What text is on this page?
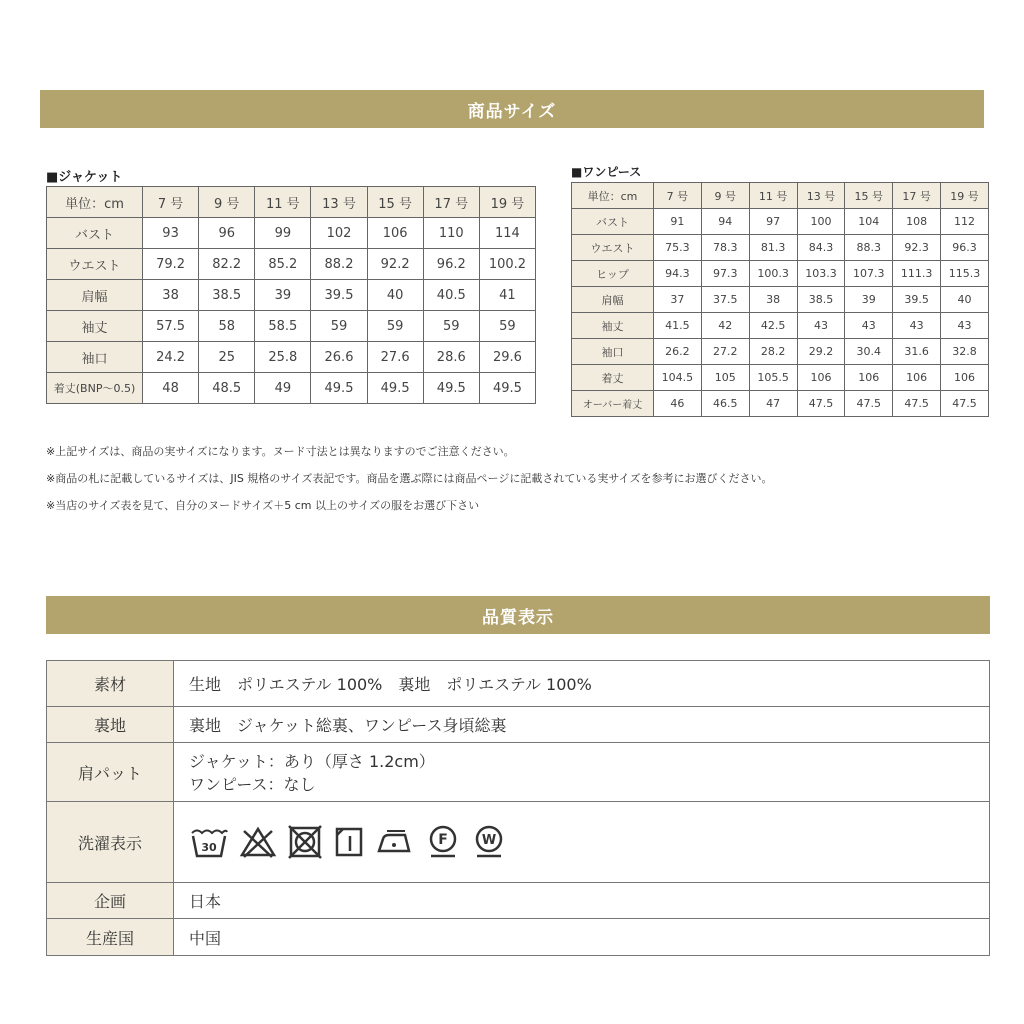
商品サイズ
■ジャケット
単位：cm	7 号	9 号	11 号	13 号	15 号	17 号	19 号
バスト	93	96	99	102	106	110	114
ウエスト	79.2	82.2	85.2	88.2	92.2	96.2	100.2
肩幅	38	38.5	39	39.5	40	40.5	41
袖丈	57.5	58	58.5	59	59	59	59
袖口	24.2	25	25.8	26.6	27.6	28.6	29.6
着丈(BNP～0.5)	48	48.5	49	49.5	49.5	49.5	49.5
■ワンピース
単位：cm	7 号	9 号	11 号	13 号	15 号	17 号	19 号
バスト	91	94	97	100	104	108	112
ウエスト	75.3	78.3	81.3	84.3	88.3	92.3	96.3
ヒップ	94.3	97.3	100.3	103.3	107.3	111.3	115.3
肩幅	37	37.5	38	38.5	39	39.5	40
袖丈	41.5	42	42.5	43	43	43	43
袖口	26.2	27.2	28.2	29.2	30.4	31.6	32.8
着丈	104.5	105	105.5	106	106	106	106
オーバー着丈	46	46.5	47	47.5	47.5	47.5	47.5
※上記サイズは、商品の実サイズになります。ヌード寸法とは異なりますのでご注意ください。
※商品の札に記載しているサイズは、JIS 規格のサイズ表記です。商品を選ぶ際には商品ページに記載されている実サイズを参考にお選びください。
※当店のサイズ表を見て、自分のヌードサイズ＋5 cm 以上のサイズの服をお選び下さい
品質表示
素材	生地　ポリエステル 100%　裏地　ポリエステル 100%
裏地	裏地　ジャケット総裏、ワンピース身頃総裏
肩パット	ジャケット：あり（厚さ 1.2cm）
ワンピース：なし

洗濯表示	30 F W

企画	日本
生産国	中国
